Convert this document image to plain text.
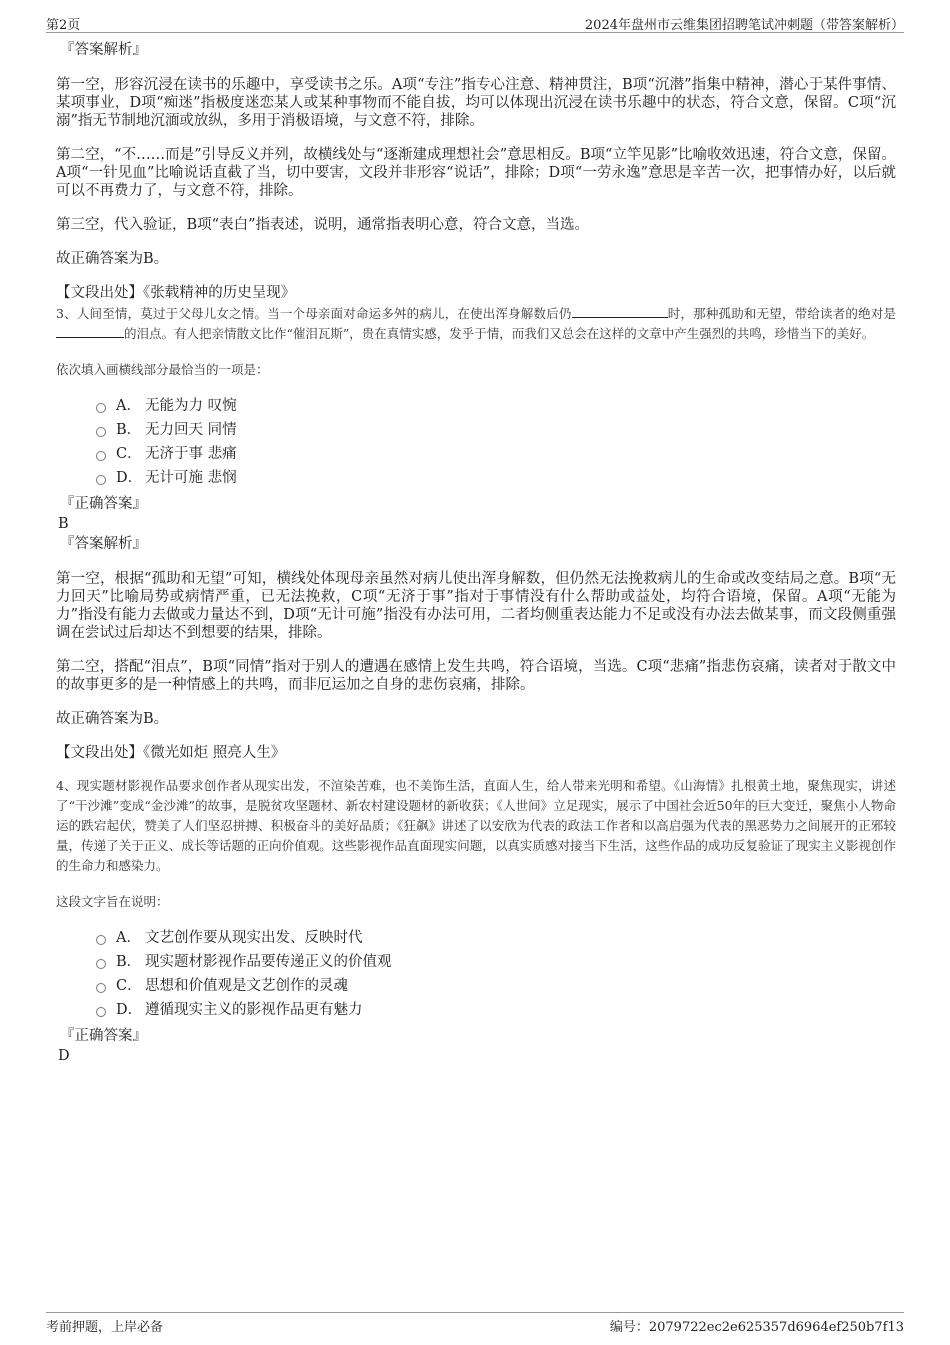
第2页	2024年盘州市云维集团招聘笔试冲刺题（带答案解析）
『答案解析』

第一空，形容沉浸在读书的乐趣中，享受读书之乐。A项“专注”指专心注意、精神贯注，B项“沉潜”指集中精神，潜心于某件事情、某项事业，D项“痴迷”指极度迷恋某人或某种事物而不能自拔，均可以体现出沉浸在读书乐趣中的状态，符合文意，保留。C项“沉溺”指无节制地沉湎或放纵，多用于消极语境，与文意不符，排除。

第二空，“不……而是”引导反义并列，故横线处与“逐渐建成理想社会”意思相反。B项“立竿见影”比喻收效迅速，符合文意，保留。A项“一针见血”比喻说话直截了当，切中要害，文段并非形容“说话”，排除；D项“一劳永逸”意思是辛苦一次，把事情办好，以后就可以不再费力了，与文意不符，排除。

第三空，代入验证，B项“表白”指表述，说明，通常指表明心意，符合文意，当选。

故正确答案为B。

【文段出处】《张载精神的历史呈现》
3、人间至情，莫过于父母儿女之情。当一个母亲面对命运多舛的病儿，在使出浑身解数后仍	时，那种孤助和无望，带给读者的绝对是的泪点。有人把亲情散文比作“催泪瓦斯”，贵在真情实感，发乎于情，而我们又总会在这样的文章中产生强烈的共鸣，珍惜当下的美好。
依次填入画横线部分最恰当的一项是：
A． 无能为力 叹惋
B． 无力回天 同情
C． 无济于事 悲痛
D． 无计可施 悲悯
『正确答案』
B
『答案解析』

第一空，根据“孤助和无望”可知，横线处体现母亲虽然对病儿使出浑身解数，但仍然无法挽救病儿的生命或改变结局之意。B项“无力回天”比喻局势或病情严重，已无法挽救，C项“无济于事”指对于事情没有什么帮助或益处，均符合语境，保留。A项“无能为力”指没有能力去做或力量达不到，D项“无计可施”指没有办法可用，二者均侧重表达能力不足或没有办法去做某事，而文段侧重强调在尝试过后却达不到想要的结果，排除。

第二空，搭配“泪点”，B项“同情”指对于别人的遭遇在感情上发生共鸣，符合语境，当选。C项“悲痛”指悲伤哀痛，读者对于散文中的故事更多的是一种情感上的共鸣，而非厄运加之自身的悲伤哀痛，排除。

故正确答案为B。

【文段出处】《微光如炬 照亮人生》
4、现实题材影视作品要求创作者从现实出发，不渲染苦难，也不美饰生活，直面人生，给人带来光明和希望。《山海情》扎根黄土地，聚焦现实，讲述了“干沙滩”变成“金沙滩”的故事，是脱贫攻坚题材、新农村建设题材的新收获；《人世间》立足现实，展示了中国社会近50年的巨大变迁，聚焦小人物命运的跌宕起伏，赞美了人们坚忍拼搏、积极奋斗的美好品质；《狂飙》讲述了以安欣为代表的政法工作者和以高启强为代表的黑恶势力之间展开的正邪较量，传递了关于正义、成长等话题的正向价值观。这些影视作品直面现实问题，以真实质感对接当下生活，这些作品的成功反复验证了现实主义影视创作的生命力和感染力。
这段文字旨在说明：
A． 文艺创作要从现实出发、反映时代
B． 现实题材影视作品要传递正义的价值观
C． 思想和价值观是文艺创作的灵魂
D． 遵循现实主义的影视作品更有魅力
『正确答案』
D
考前押题，上岸必备	编号：2079722ec2e625357d6964ef250b7f13
